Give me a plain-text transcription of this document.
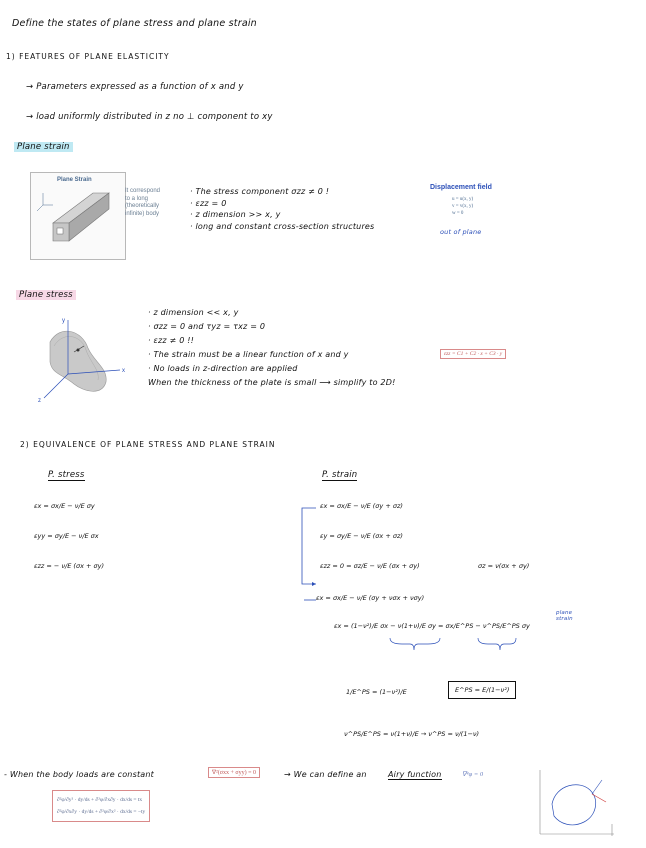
Define the states of plane stress and plane strain
1) FEATURES OF PLANE ELASTICITY
→ Parameters expressed as a function of x and y
→ load uniformly distributed in z no ⊥ component to xy
Plane strain
Plane Strain
It correspond
to a long
(theoretically
infinite) body
· The stress component σzz ≠ 0 !
· εzz = 0
· z dimension >> x, y
· long and constant cross-section structures
Displacement field
u = u(x, y)
v = v(x, y)
w = 0
out of plane
Plane stress
y
x
z
· z dimension << x, y
· σzz = 0 and τyz = τxz = 0
· εzz ≠ 0 !!
· The strain must be a linear function of x and y
· No loads in z-direction are applied
When the thickness of the plate is small ⟶ simplify to 2D!
εzz = C1 + C2 · x + C3 · y
2) EQUIVALENCE OF PLANE STRESS AND PLANE STRAIN
P. stress	P. strain
εx = σx/E − ν/E σy
εyy = σy/E − ν/E σx
εzz = − ν/E (σx + σy)
εx = σx/E − ν/E (σy + σz)
εy = σy/E − ν/E (σx + σz)
εzz = 0 = σz/E − ν/E (σx + σy)	σz = ν(σx + σy)
εx = σx/E − ν/E (σy + νσx + νσy)
εx = (1−ν²)/E σx − ν(1+ν)/E σy = σx/E^PS − ν^PS/E^PS σy
plane strain
1/E^PS = (1−ν²)/E	E^PS = E/(1−ν²)
ν^PS/E^PS = ν(1+ν)/E → ν^PS = ν/(1−ν)
- When the body loads are constant	∇²(σxx + σyy) = 0	→ We can define an	Airy function	∇⁴φ = 0
∂²φ/∂y² · dy/ds + ∂²φ/∂x∂y · dx/ds = tx
∂²φ/∂x∂y · dy/ds + ∂²φ/∂x² · dx/ds = −ty
